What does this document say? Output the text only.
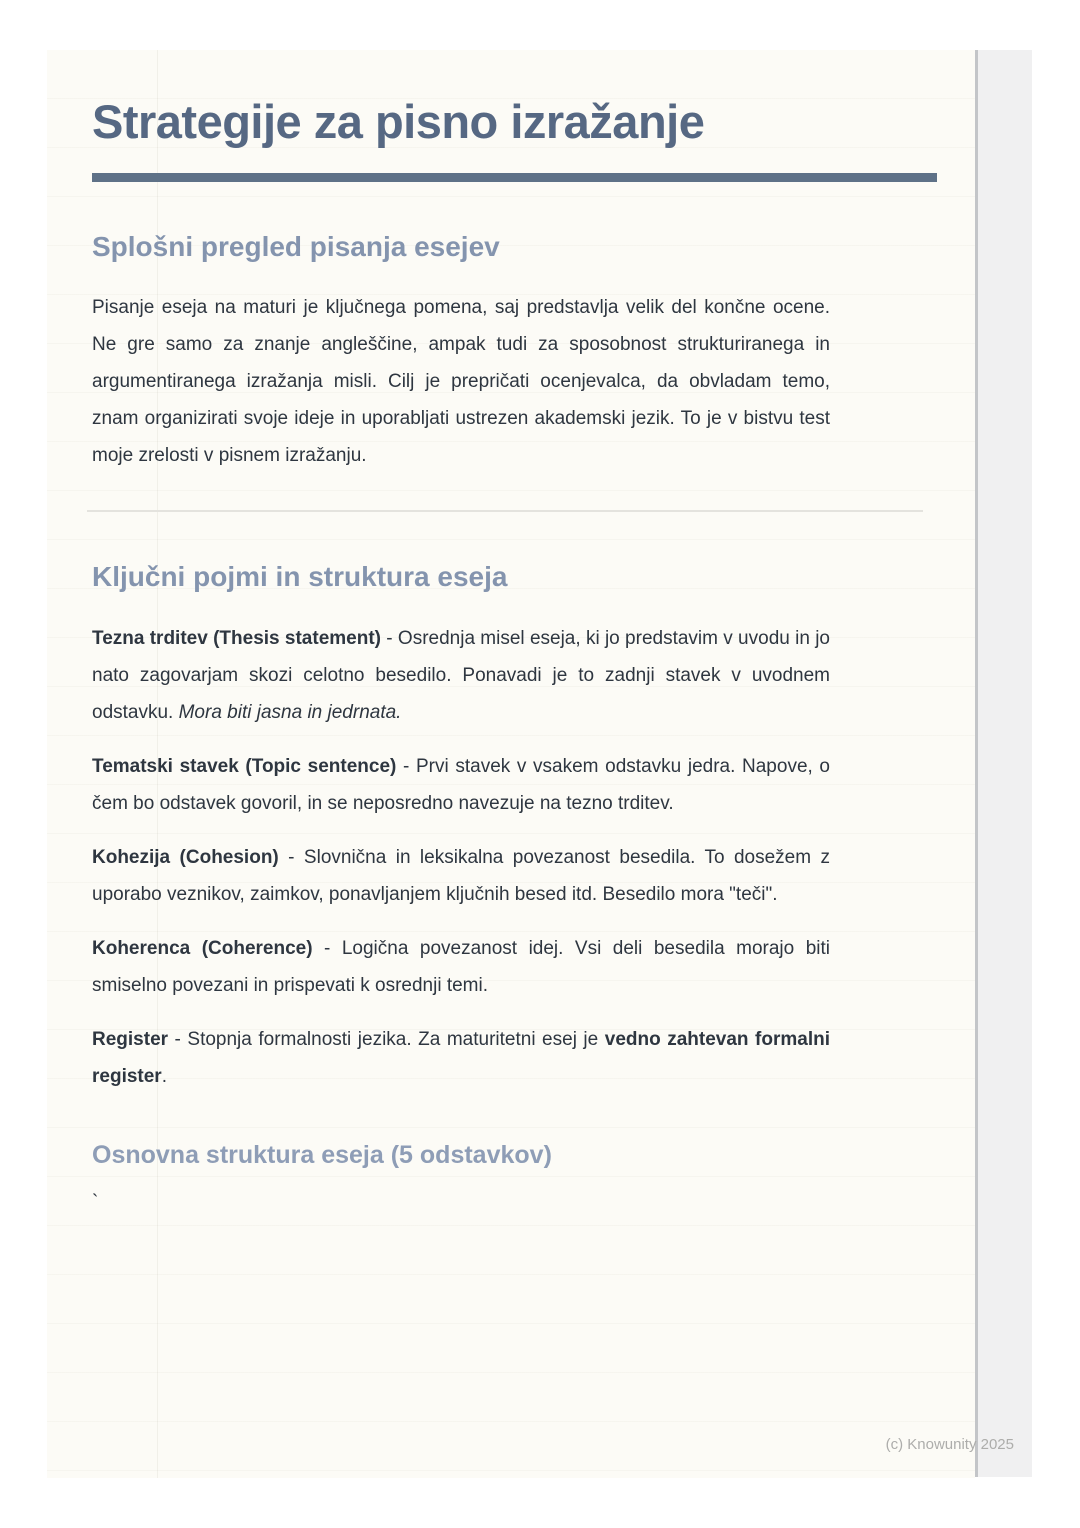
Strategije za pisno izražanje
Splošni pregled pisanja esejev

Pisanje eseja na maturi je ključnega pomena, saj predstavlja velik del končne ocene. Ne gre samo za znanje angleščine, ampak tudi za sposobnost strukturiranega in argumentiranega izražanja misli. Cilj je prepričati ocenjevalca, da obvladam temo, znam organizirati svoje ideje in uporabljati ustrezen akademski jezik. To je v bistvu test moje zrelosti v pisnem izražanju.

Ključni pojmi in struktura eseja

Tezna trditev (Thesis statement) - Osrednja misel eseja, ki jo predstavim v uvodu in jo nato zagovarjam skozi celotno besedilo. Ponavadi je to zadnji stavek v uvodnem odstavku. Mora biti jasna in jedrnata.

Tematski stavek (Topic sentence) - Prvi stavek v vsakem odstavku jedra. Napove, o čem bo odstavek govoril, in se neposredno navezuje na tezno trditev.

Kohezija (Cohesion) - Slovnična in leksikalna povezanost besedila. To dosežem z uporabo veznikov, zaimkov, ponavljanjem ključnih besed itd. Besedilo mora "teči".

Koherenca (Coherence) - Logična povezanost idej. Vsi deli besedila morajo biti smiselno povezani in prispevati k osrednji temi.

Register - Stopnja formalnosti jezika. Za maturitetni esej je vedno zahtevan formalni register.

Osnovna struktura eseja (5 odstavkov)
`
(c) Knowunity 2025
